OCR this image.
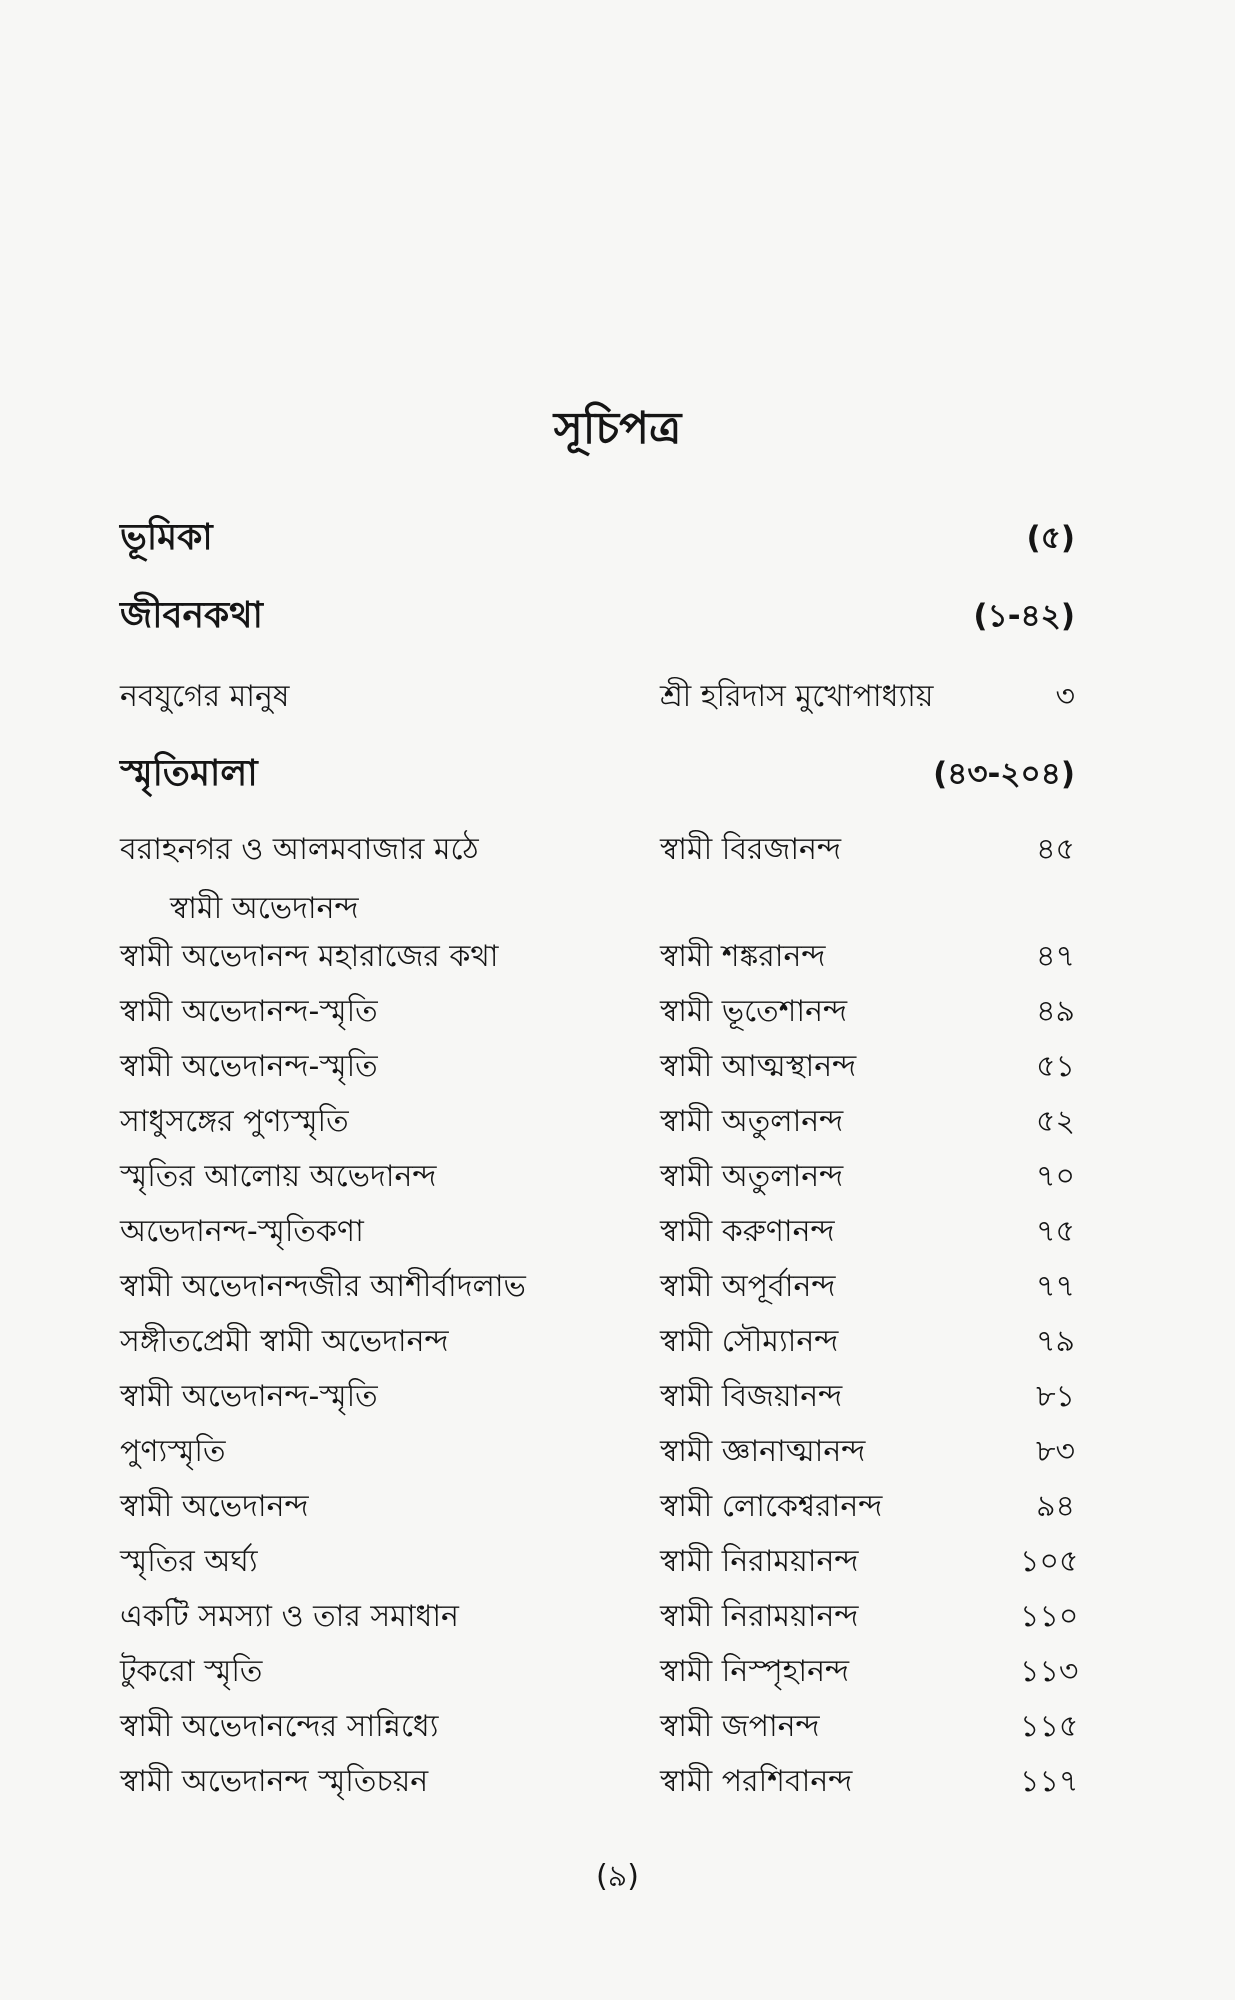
সূচিপত্র
ভূমিকা	(৫)
জীবনকথা	(১-৪২)
নবযুগের মানুষ	শ্রী হরিদাস মুখোপাধ্যায়	৩
স্মৃতিমালা	(৪৩-২০৪)
বরাহনগর ও আলমবাজার মঠে	স্বামী বিরজানন্দ	৪৫
স্বামী অভেদানন্দ
স্বামী অভেদানন্দ মহারাজের কথা	স্বামী শঙ্করানন্দ	৪৭
স্বামী অভেদানন্দ-স্মৃতি	স্বামী ভূতেশানন্দ	৪৯
স্বামী অভেদানন্দ-স্মৃতি	স্বামী আত্মস্থানন্দ	৫১
সাধুসঙ্গের পুণ্যস্মৃতি	স্বামী অতুলানন্দ	৫২
স্মৃতির আলোয় অভেদানন্দ	স্বামী অতুলানন্দ	৭০
অভেদানন্দ-স্মৃতিকণা	স্বামী করুণানন্দ	৭৫
স্বামী অভেদানন্দজীর আশীর্বাদলাভ	স্বামী অপূর্বানন্দ	৭৭
সঙ্গীতপ্রেমী স্বামী অভেদানন্দ	স্বামী সৌম্যানন্দ	৭৯
স্বামী অভেদানন্দ-স্মৃতি	স্বামী বিজয়ানন্দ	৮১
পুণ্যস্মৃতি	স্বামী জ্ঞানাত্মানন্দ	৮৩
স্বামী অভেদানন্দ	স্বামী লোকেশ্বরানন্দ	৯৪
স্মৃতির অর্ঘ্য	স্বামী নিরাময়ানন্দ	১০৫
একটি সমস্যা ও তার সমাধান	স্বামী নিরাময়ানন্দ	১১০
টুকরো স্মৃতি	স্বামী নিস্পৃহানন্দ	১১৩
স্বামী অভেদানন্দের সান্নিধ্যে	স্বামী জপানন্দ	১১৫
স্বামী অভেদানন্দ স্মৃতিচয়ন	স্বামী পরশিবানন্দ	১১৭
(৯)
